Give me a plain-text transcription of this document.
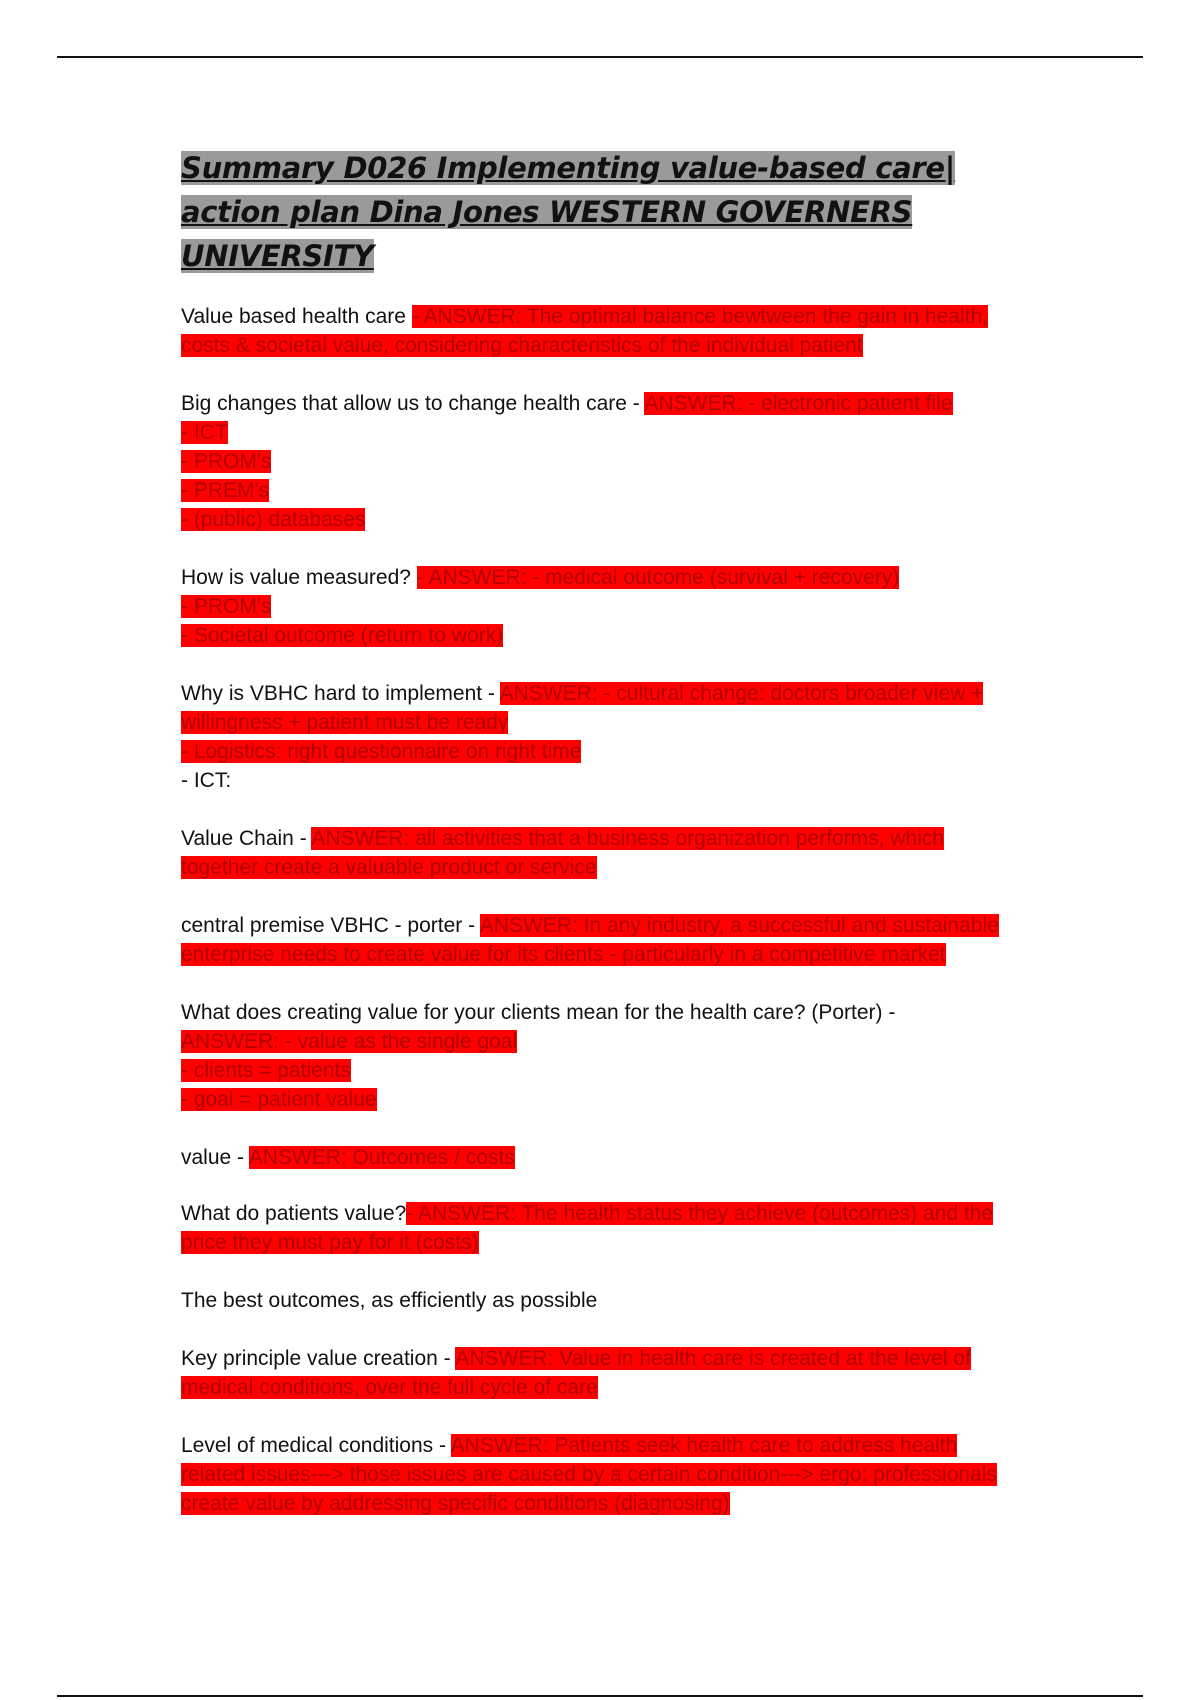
Summary D026 Implementing value-based care| action plan Dina Jones WESTERN GOVERNERS UNIVERSITY
Value based health care - ANSWER: The optimal balance bewtween the gain in health, costs & societal value, considering characteristics of the individual patient
Big changes that allow us to change health care - ANSWER: - electronic patient file
- ICT
- PROM's
- PREM's
- (public) databases
How is value measured? - ANSWER: - medical outcome (survival + recovery)
- PROM's
- Societal outcome (return to work)
Why is VBHC hard to implement - ANSWER: - cultural change: doctors broader view + willingness + patient must be ready
- Logistics: right questionnaire on right time
- ICT:
Value Chain - ANSWER: all activities that a business organization performs, which together create a valuable product or service
central premise VBHC - porter - ANSWER: In any industry, a successful and sustainable enterprise needs to create value for its clients - particularly in a competitive market
What does creating value for your clients mean for the health care? (Porter) -
ANSWER: - value as the single goal
- clients = patients
- goal = patient value
value - ANSWER: Outcomes / costs
What do patients value?- ANSWER: The health status they achieve (outcomes) and the price they must pay for it (costs)
The best outcomes, as efficiently as possible
Key principle value creation - ANSWER: Value in health care is created at the level of medical conditions, over the full cycle of care
Level of medical conditions - ANSWER: Patients seek health care to address health related issues---> those issues are caused by a certain condition---> ergo: professionals create value by addressing specific conditions (diagnosing)
